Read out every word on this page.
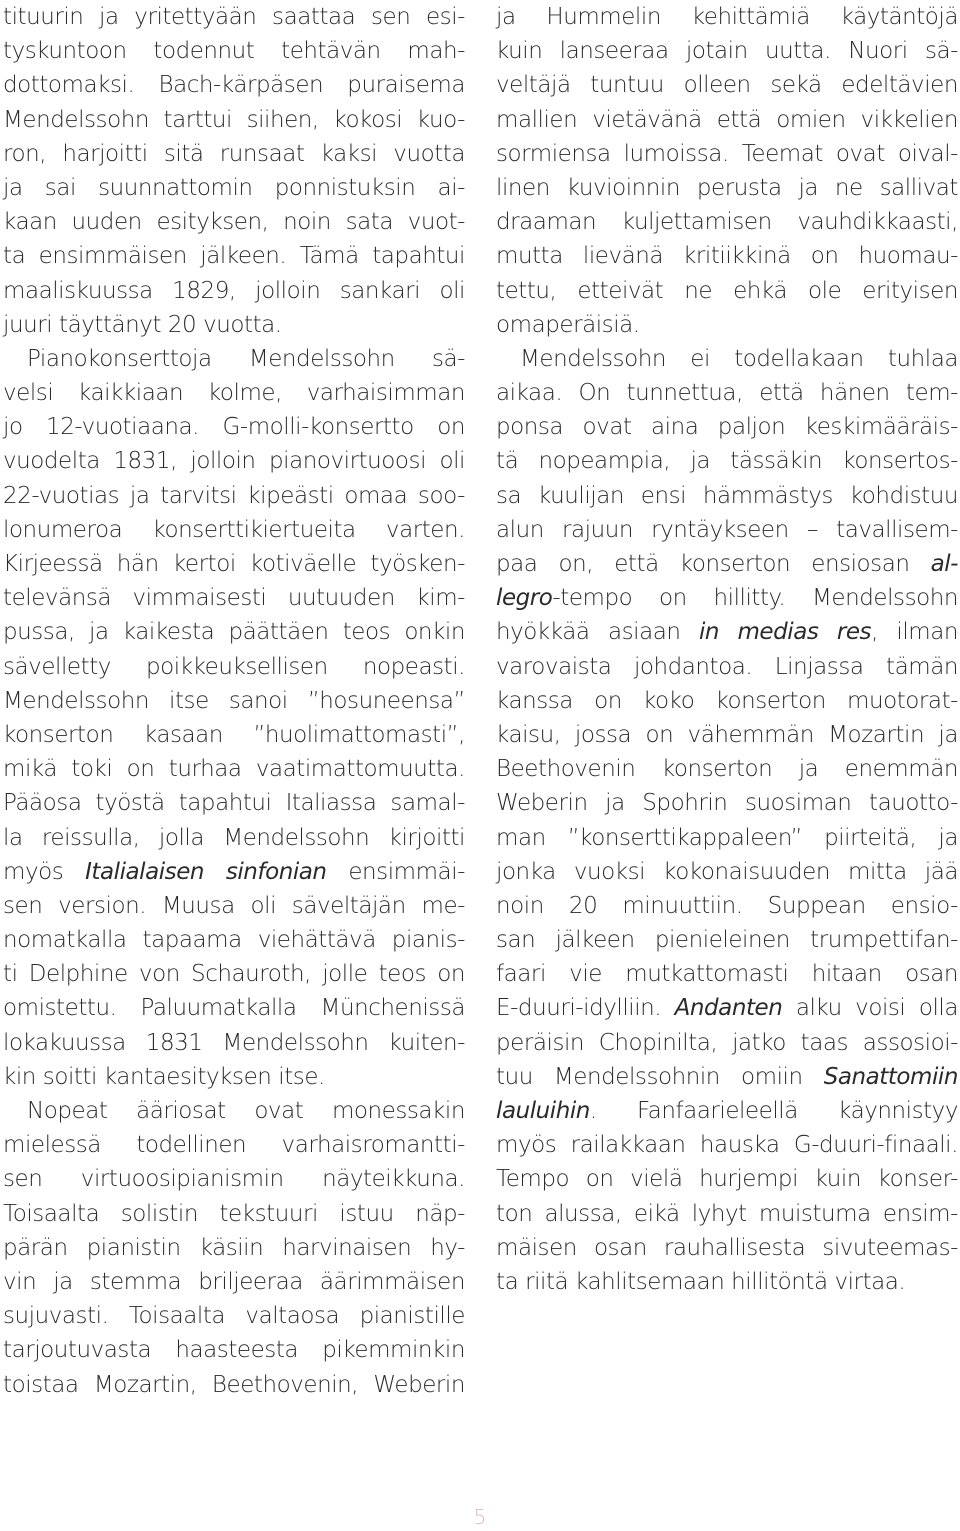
tituurin ja yritettyään saattaa sen esi-
tyskuntoon todennut tehtävän mah-
dottomaksi. Bach-kärpäsen puraisema
Mendelssohn tarttui siihen, kokosi kuo-
ron, harjoitti sitä runsaat kaksi vuotta
ja sai suunnattomin ponnistuksin ai-
kaan uuden esityksen, noin sata vuot-
ta ensimmäisen jälkeen. Tämä tapahtui
maaliskuussa 1829, jolloin sankari oli
juuri täyttänyt 20 vuotta.
Pianokonserttoja Mendelssohn sä-
velsi kaikkiaan kolme, varhaisimman
jo 12-vuotiaana. G-molli-konsertto on
vuodelta 1831, jolloin pianovirtuoosi oli
22-vuotias ja tarvitsi kipeästi omaa soo-
lonumeroa konserttikiertueita varten.
Kirjeessä hän kertoi kotiväelle työsken-
televänsä vimmaisesti uutuuden kim-
pussa, ja kaikesta päättäen teos onkin
sävelletty poikkeuksellisen nopeasti.
Mendelssohn itse sanoi ”hosuneensa”
konserton kasaan ”huolimattomasti”,
mikä toki on turhaa vaatimattomuutta.
Pääosa työstä tapahtui Italiassa samal-
la reissulla, jolla Mendelssohn kirjoitti
myös Italialaisen sinfonian ensimmäi-
sen version. Muusa oli säveltäjän me-
nomatkalla tapaama viehättävä pianis-
ti Delphine von Schauroth, jolle teos on
omistettu. Paluumatkalla Münchenissä
lokakuussa 1831 Mendelssohn kuiten-
kin soitti kantaesityksen itse.
Nopeat ääriosat ovat monessakin
mielessä todellinen varhaisromantti-
sen virtuoosipianismin näyteikkuna.
Toisaalta solistin tekstuuri istuu näp-
pärän pianistin käsiin harvinaisen hy-
vin ja stemma briljeeraa äärimmäisen
sujuvasti. Toisaalta valtaosa pianistille
tarjoutuvasta haasteesta pikemminkin
toistaa Mozartin, Beethovenin, Weberin
ja Hummelin kehittämiä käytäntöjä
kuin lanseeraa jotain uutta. Nuori sä-
veltäjä tuntuu olleen sekä edeltävien
mallien vietävänä että omien vikkelien
sormiensa lumoissa. Teemat ovat oival-
linen kuvioinnin perusta ja ne sallivat
draaman kuljettamisen vauhdikkaasti,
mutta lievänä kritiikkinä on huomau-
tettu, etteivät ne ehkä ole erityisen
omaperäisiä.
Mendelssohn ei todellakaan tuhlaa
aikaa. On tunnettua, että hänen tem-
ponsa ovat aina paljon keskimääräis-
tä nopeampia, ja tässäkin konsertos-
sa kuulijan ensi hämmästys kohdistuu
alun rajuun ryntäykseen – tavallisem-
paa on, että konserton ensiosan al-
legro-tempo on hillitty. Mendelssohn
hyökkää asiaan in medias res, ilman
varovaista johdantoa. Linjassa tämän
kanssa on koko konserton muotorat-
kaisu, jossa on vähemmän Mozartin ja
Beethovenin konserton ja enemmän
Weberin ja Spohrin suosiman tauotto-
man ”konserttikappaleen” piirteitä, ja
jonka vuoksi kokonaisuuden mitta jää
noin 20 minuuttiin. Suppean ensio-
san jälkeen pienieleinen trumpettifan-
faari vie mutkattomasti hitaan osan
E-duuri-idylliin. Andanten alku voisi olla
peräisin Chopinilta, jatko taas assosioi-
tuu Mendelssohnin omiin Sanattomiin
lauluihin. Fanfaarieleellä käynnistyy
myös railakkaan hauska G-duuri-finaali.
Tempo on vielä hurjempi kuin konser-
ton alussa, eikä lyhyt muistuma ensim-
mäisen osan rauhallisesta sivuteemas-
ta riitä kahlitsemaan hillitöntä virtaa.
5
